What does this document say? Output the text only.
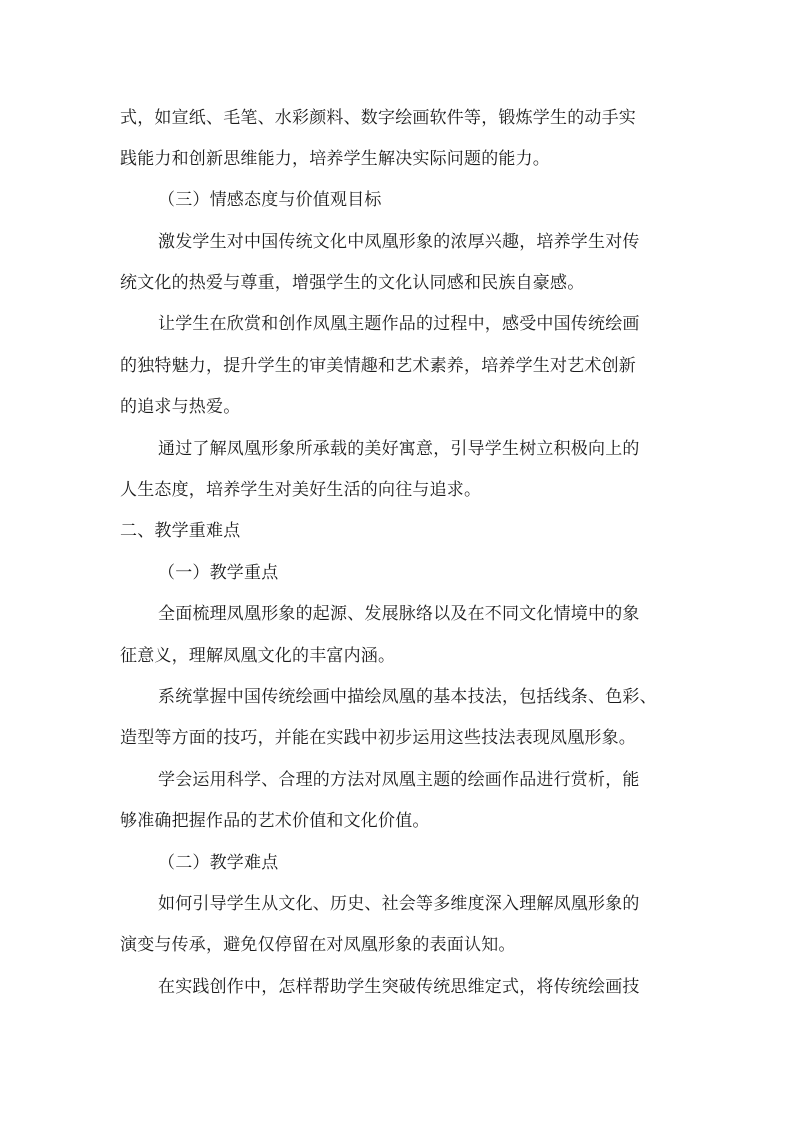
式，如宣纸、毛笔、水彩颜料、数字绘画软件等，锻炼学生的动手实
践能力和创新思维能力，培养学生解决实际问题的能力。
（三）情感态度与价值观目标
激发学生对中国传统文化中凤凰形象的浓厚兴趣，培养学生对传
统文化的热爱与尊重，增强学生的文化认同感和民族自豪感。
让学生在欣赏和创作凤凰主题作品的过程中，感受中国传统绘画
的独特魅力，提升学生的审美情趣和艺术素养，培养学生对艺术创新
的追求与热爱。
通过了解凤凰形象所承载的美好寓意，引导学生树立积极向上的
人生态度，培养学生对美好生活的向往与追求。
二、教学重难点
（一）教学重点
全面梳理凤凰形象的起源、发展脉络以及在不同文化情境中的象
征意义，理解凤凰文化的丰富内涵。
系统掌握中国传统绘画中描绘凤凰的基本技法，包括线条、色彩、
造型等方面的技巧，并能在实践中初步运用这些技法表现凤凰形象。
学会运用科学、合理的方法对凤凰主题的绘画作品进行赏析，能
够准确把握作品的艺术价值和文化价值。
（二）教学难点
如何引导学生从文化、历史、社会等多维度深入理解凤凰形象的
演变与传承，避免仅停留在对凤凰形象的表面认知。
在实践创作中，怎样帮助学生突破传统思维定式，将传统绘画技
